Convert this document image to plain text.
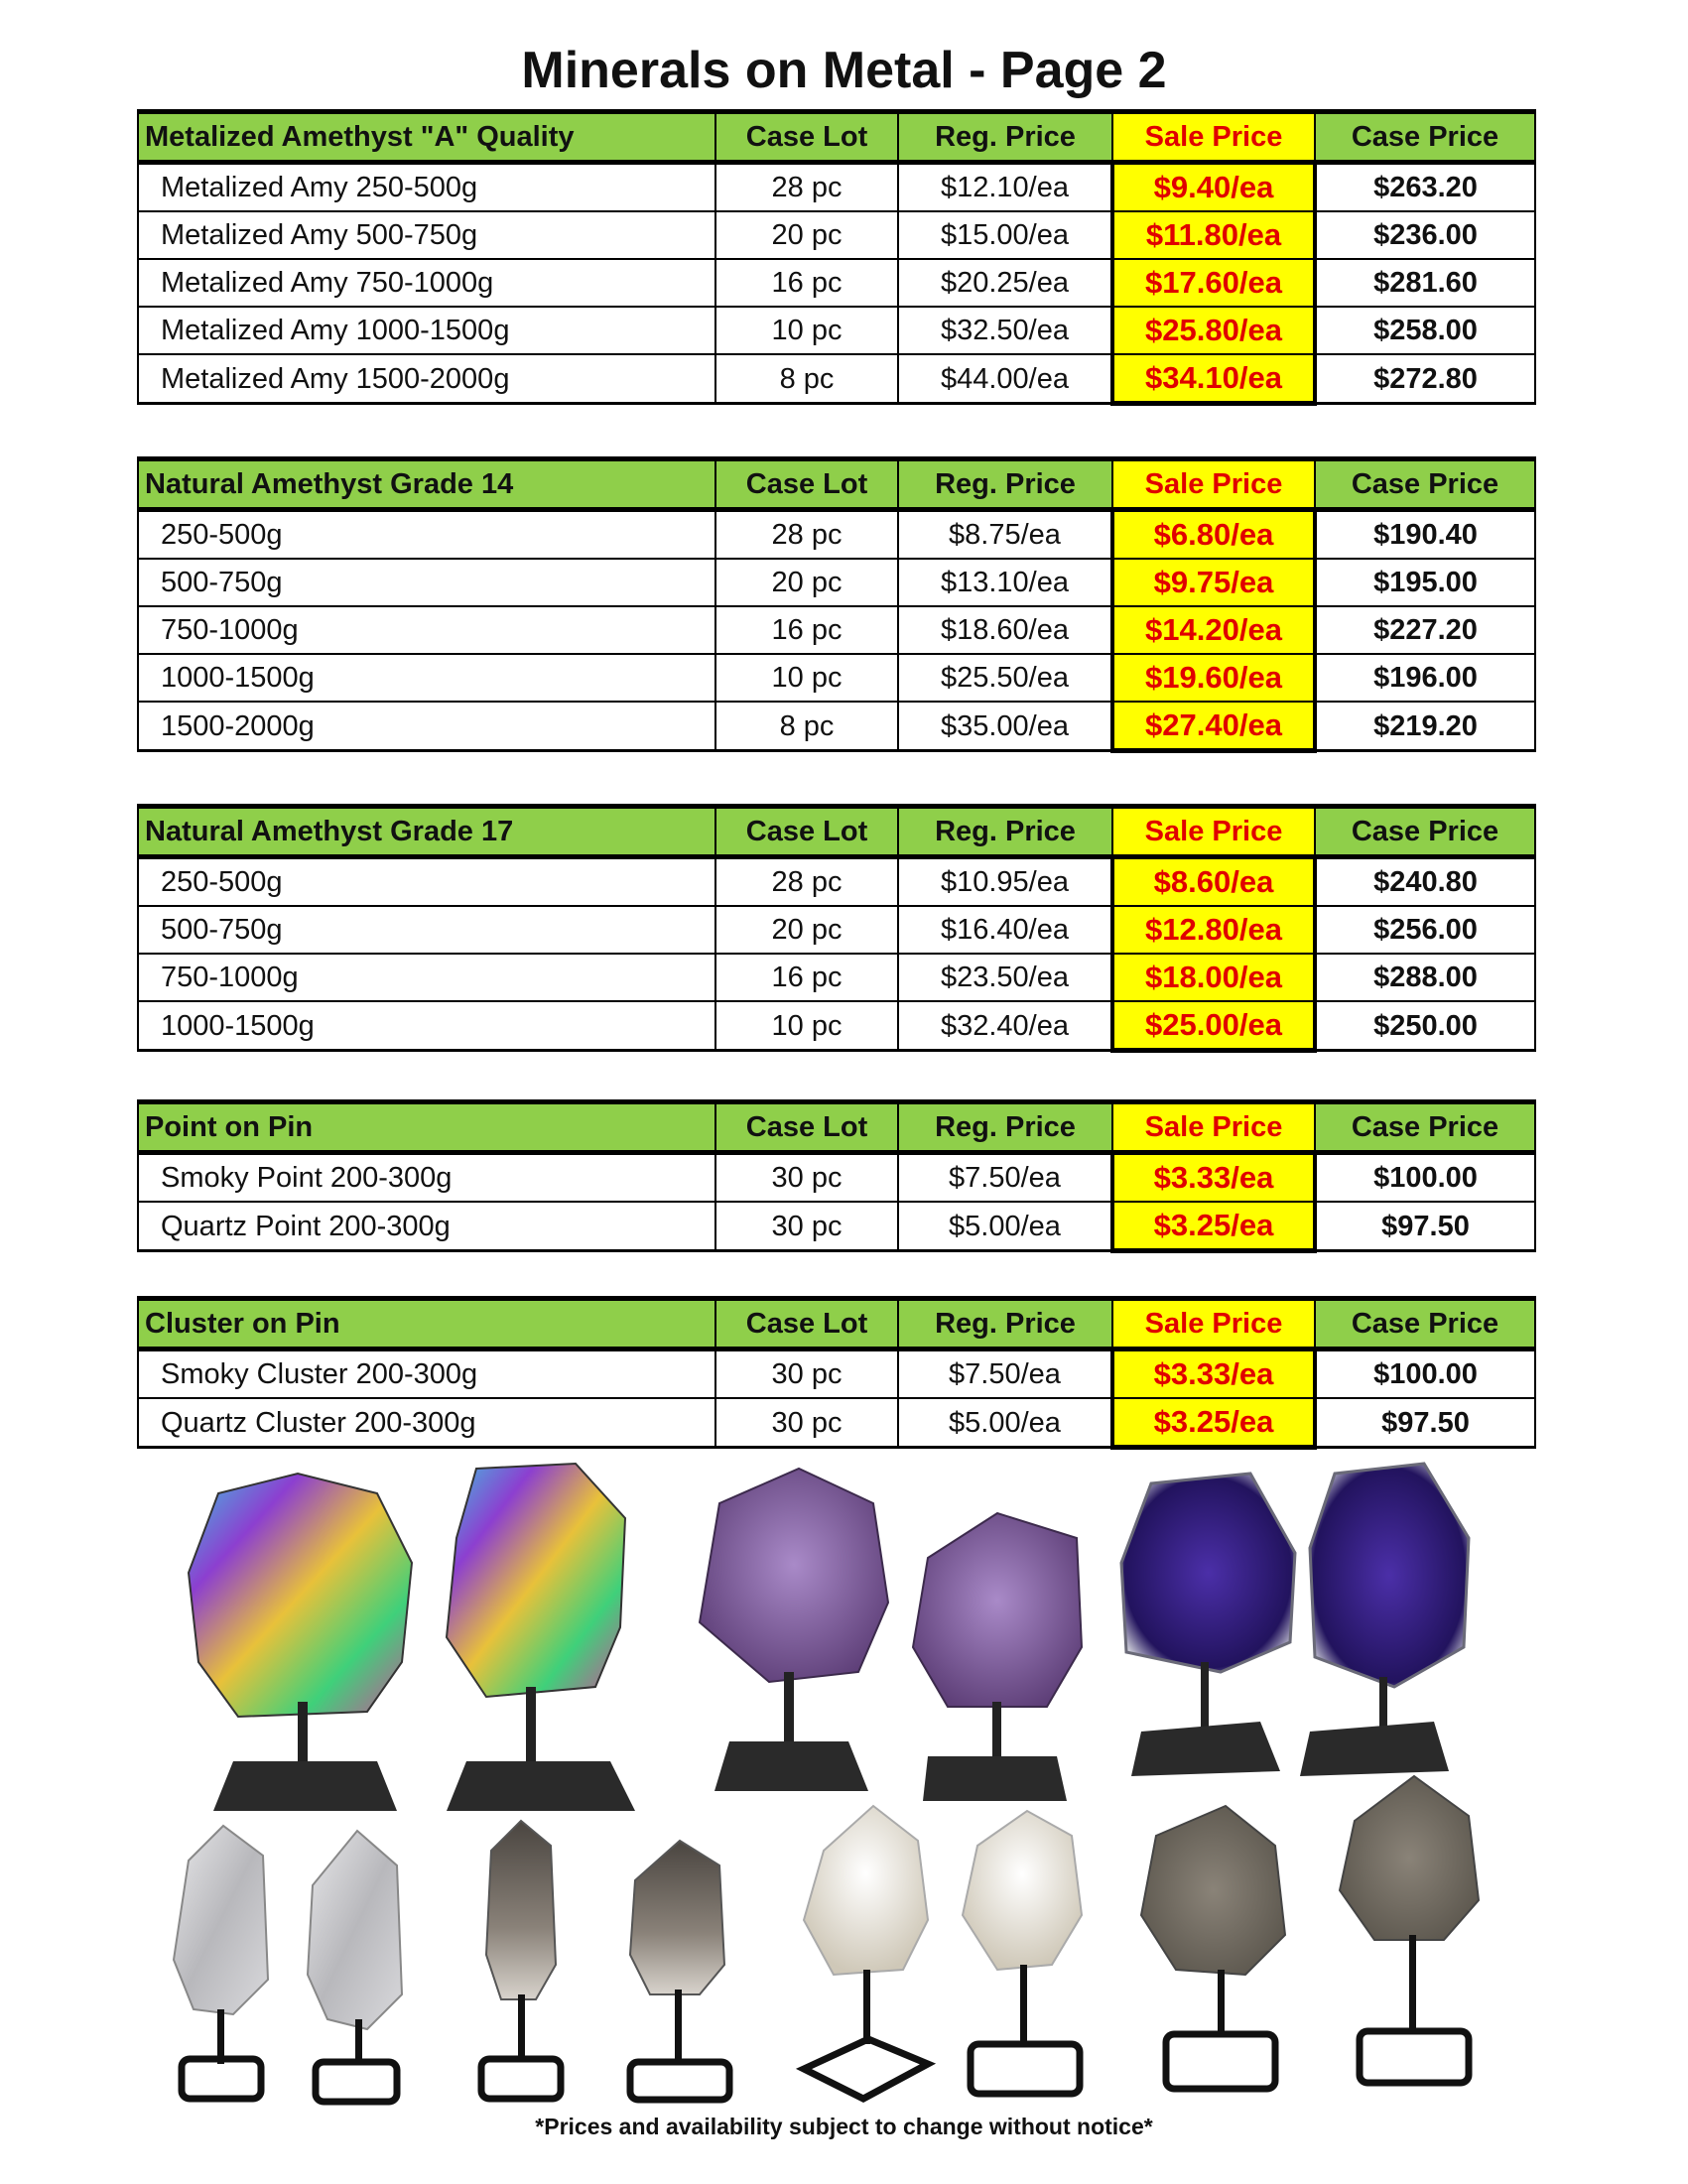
Minerals on Metal - Page 2
Metalized Amethyst "A" Quality	Case Lot	Reg. Price	Sale Price	Case Price
Metalized Amy 250-500g	28 pc	$12.10/ea	$9.40/ea	$263.20
Metalized Amy 500-750g	20 pc	$15.00/ea	$11.80/ea	$236.00
Metalized Amy 750-1000g	16 pc	$20.25/ea	$17.60/ea	$281.60
Metalized Amy 1000-1500g	10 pc	$32.50/ea	$25.80/ea	$258.00
Metalized Amy 1500-2000g	8 pc	$44.00/ea	$34.10/ea	$272.80
Natural Amethyst Grade 14	Case Lot	Reg. Price	Sale Price	Case Price
250-500g	28 pc	$8.75/ea	$6.80/ea	$190.40
500-750g	20 pc	$13.10/ea	$9.75/ea	$195.00
750-1000g	16 pc	$18.60/ea	$14.20/ea	$227.20
1000-1500g	10 pc	$25.50/ea	$19.60/ea	$196.00
1500-2000g	8 pc	$35.00/ea	$27.40/ea	$219.20
Natural Amethyst Grade 17	Case Lot	Reg. Price	Sale Price	Case Price
250-500g	28 pc	$10.95/ea	$8.60/ea	$240.80
500-750g	20 pc	$16.40/ea	$12.80/ea	$256.00
750-1000g	16 pc	$23.50/ea	$18.00/ea	$288.00
1000-1500g	10 pc	$32.40/ea	$25.00/ea	$250.00
Point on Pin	Case Lot	Reg. Price	Sale Price	Case Price
Smoky Point 200-300g	30 pc	$7.50/ea	$3.33/ea	$100.00
Quartz Point 200-300g	30 pc	$5.00/ea	$3.25/ea	$97.50
Cluster on Pin	Case Lot	Reg. Price	Sale Price	Case Price
Smoky Cluster 200-300g	30 pc	$7.50/ea	$3.33/ea	$100.00
Quartz Cluster 200-300g	30 pc	$5.00/ea	$3.25/ea	$97.50
*Prices and availability subject to change without notice*
